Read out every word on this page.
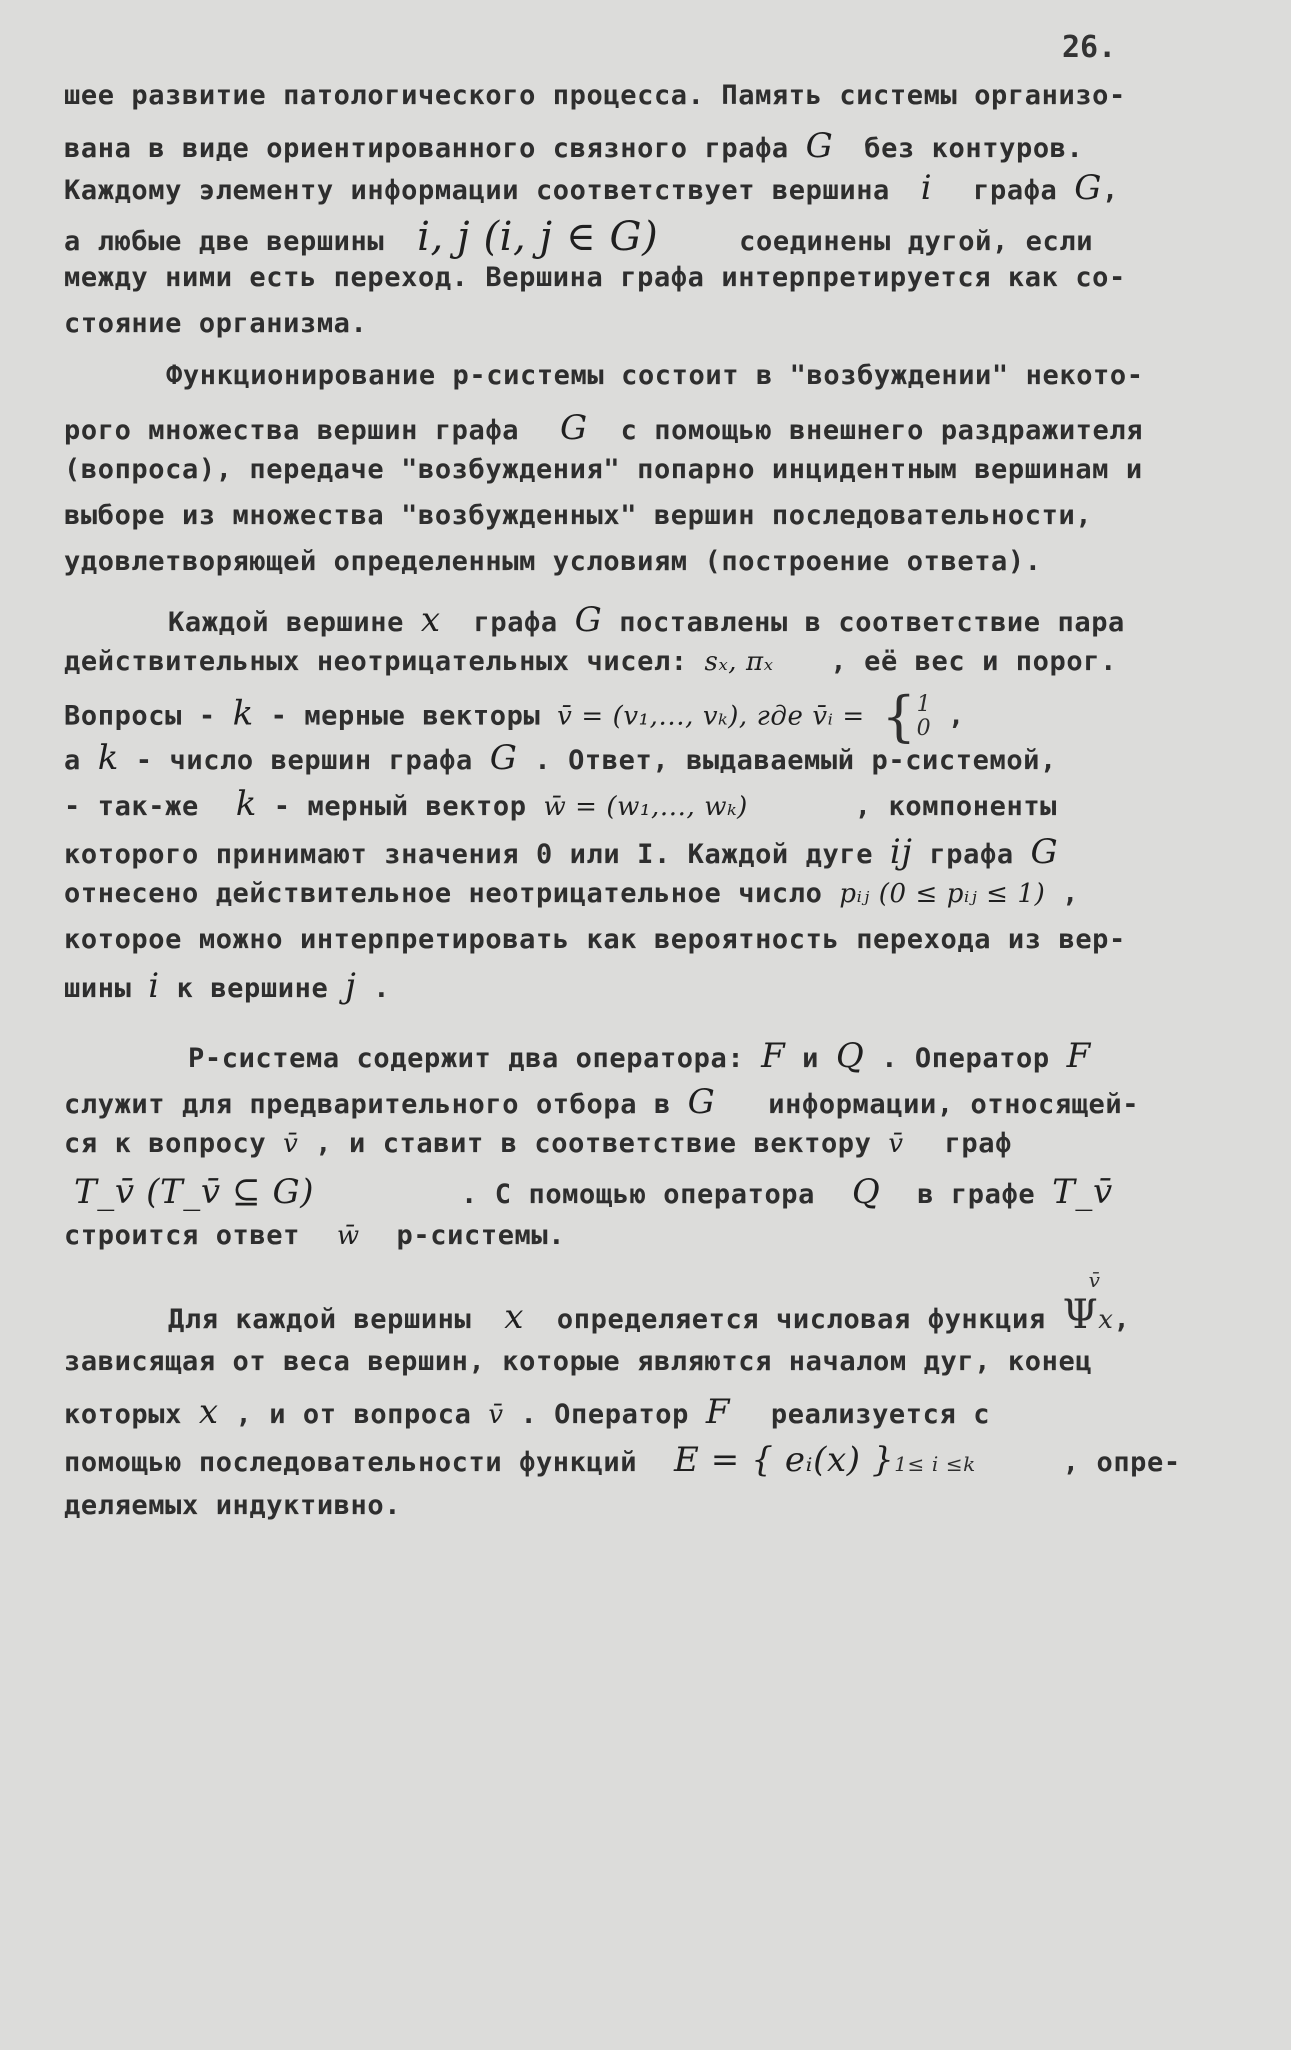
26.
шее развитие патологического процесса. Память системы организо-
вана в виде ориентированного связного графа G без контуров.
Каждому элементу информации соответствует вершина i графа G,
а любые две вершины i, j (i, j ∈ G) соединены дугой, если
между ними есть переход. Вершина графа интерпретируется как со-
стояние организма.
Функционирование р-системы состоит в "возбуждении" некото-
рого множества вершин графа G с помощью внешнего раздражителя
(вопроса), передаче "возбуждения" попарно инцидентным вершинам и
выборе из множества "возбужденных" вершин последовательности,
удовлетворяющей определенным условиям (построение ответа).
Каждой вершине x графа G поставлены в соответствие пара
действительных неотрицательных чисел: sₓ, πₓ , её вес и порог.
Вопросы - k - мерные векторы v̄ = (v₁,..., vₖ), где v̄ᵢ = {1
0 ,
а k - число вершин графа G . Ответ, выдаваемый р-системой,
- так-же k - мерный вектор w̄ = (w₁,..., wₖ)	, компоненты
которого принимают значения 0 или I. Каждой дуге ij графа G
отнесено действительное неотрицательное число pᵢⱼ (0 ≤ pᵢⱼ ≤ 1) ,
которое можно интерпретировать как вероятность перехода из вер-
шины i к вершине j .
Р-система содержит два оператора: F и Q . Оператор F
служит для предварительного отбора в G информации, относящей-
ся к вопросу v̄ , и ставит в соответствие вектору v̄ граф
T_v̄ (T_v̄ ⊆ G)	. С помощью оператора Q в графе T_v̄
строится ответ w̄ р-системы.
Для каждой вершины x определяется числовая функция Ψ
v̄
x,
зависящая от веса вершин, которые являются началом дуг, конец
которых x , и от вопроса v̄ . Оператор F реализуется с
помощью последовательности функций E = { eᵢ(x) }1≤ i ≤k	, опре-
деляемых индуктивно.
